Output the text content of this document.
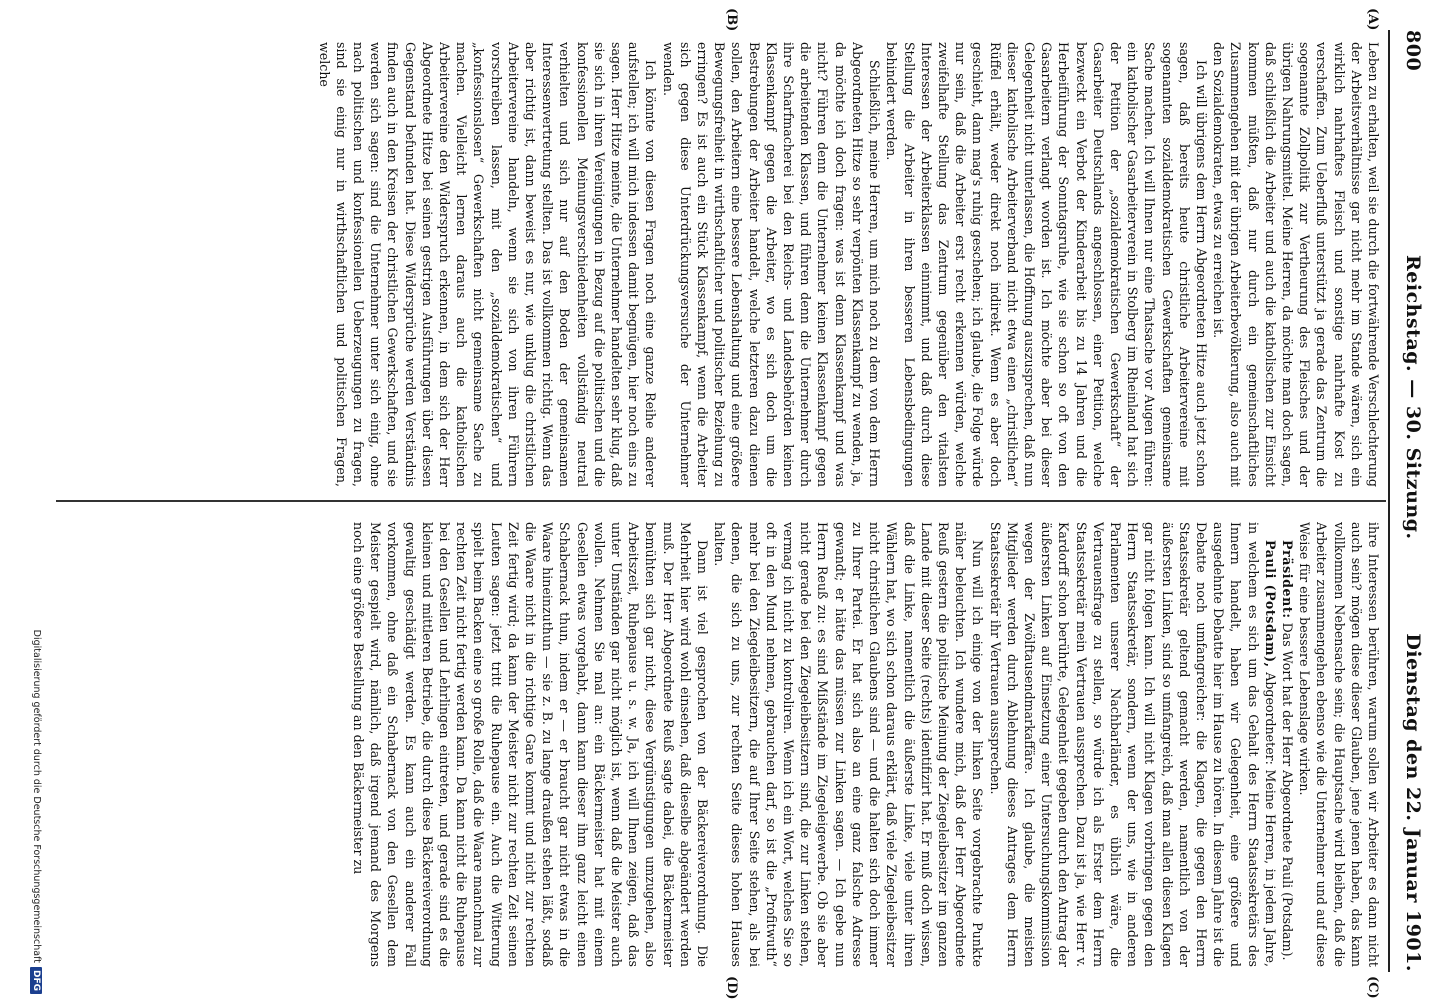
(A)
(B)
(C)
(D)
800
Reichstag. — 30. Sitzung.
Dienstag den 22. Januar 1901.

Leben zu erhalten, weil sie durch die fortwährende Verschlechterung der Arbeitsverhältnisse gar nicht mehr im Stande wären, sich ein wirklich nahrhaftes Fleisch und sonstige nahrhafte Kost zu verschaffen. Zum Ueberfluß unterstützt ja gerade das Zentrum die sogenannte Zollpolitik zur Vertheurung des Fleisches und der übrigen Nahrungsmittel. Meine Herren, da möchte man doch sagen, daß schließlich die Arbeiter und auch die katholischen zur Einsicht kommen müßten, daß nur durch ein gemeinschaftliches Zusammengehen mit der übrigen Arbeiterbevölkerung, also auch mit den Sozialdemokraten, etwas zu erreichen ist.

Ich will übrigens dem Herrn Abgeordneten Hitze auch jetzt schon sagen, daß bereits heute christliche Arbeitervereine mit sogenannten sozialdemokratischen Gewerkschaften gemeinsame Sache machen. Ich will Ihnen nur eine Thatsache vor Augen führen: ein katholischer Gasarbeiterverein in Stolberg im Rheinland hat sich der Petition der „sozialdemokratischen Gewerkschaft“ der Gasarbeiter Deutschlands angeschlossen, einer Petition, welche bezweckt ein Verbot der Kinderarbeit bis zu 14 Jahren und die Herbeiführung der Sonntagsruhe, wie sie schon so oft von den Gasarbeitern verlangt worden ist. Ich möchte aber bei dieser Gelegenheit nicht unterlassen, die Hoffnung auszusprechen, daß nun dieser katholische Arbeiterverband nicht etwa einen „christlichen“ Rüffel erhält, weder direkt noch indirekt. Wenn es aber doch geschieht, dann mag's ruhig geschehen; ich glaube, die Folge würde nur sein, daß die Arbeiter erst recht erkennen würden, welche zweifelhafte Stellung das Zentrum gegenüber den vitalsten Interessen der Arbeiterklassen einnimmt, und daß durch diese Stellung die Arbeiter in ihren besseren Lebensbedingungen behindert werden.

Schließlich, meine Herren, um mich noch zu dem von dem Herrn Abgeordneten Hitze so sehr verpönten Klassenkampf zu wenden, ja, da möchte ich doch fragen: was ist denn Klassenkampf und was nicht? Führen denn die Unternehmer keinen Klassenkampf gegen die arbeitenden Klassen, und führen denn die Unternehmer durch ihre Scharfmacherei bei den Reichs- und Landesbehörden keinen Klassenkampf gegen die Arbeiter, wo es sich doch um die Bestrebungen der Arbeiter handelt, welche letzteren dazu dienen sollen, den Arbeitern eine bessere Lebenshaltung und eine größere Bewegungsfreiheit in wirthschaftlicher und politischer Beziehung zu erringen? Es ist auch ein Stück Klassenkampf, wenn die Arbeiter sich gegen diese Unterdrückungsversuche der Unternehmer wenden.

Ich könnte von diesen Fragen noch eine ganze Reihe anderer aufstellen; ich will mich indessen damit begnügen, hier noch eins zu sagen. Herr Hitze meinte, die Unternehmer handelten sehr klug, daß sie sich in ihren Vereinigungen in Bezug auf die politischen und die konfessionellen Meinungsverschiedenheiten vollständig neutral verhielten und sich nur auf den Boden der gemeinsamen Interessenvertretung stellten. Das ist vollkommen richtig. Wenn das aber richtig ist, dann beweist es nur, wie unklug die christlichen Arbeitervereine handeln, wenn sie sich von ihren Führern vorschreiben lassen, mit den „sozialdemokratischen“ und „konfessionslosen“ Gewerkschaften nicht gemeinsame Sache zu machen. Vielleicht lernen daraus auch die katholischen Arbeitervereine den Widerspruch erkennen, in dem sich der Herr Abgeordnete Hitze bei seinen gestrigen Ausführungen über diesen Gegenstand befunden hat. Diese Widersprüche werden Verständnis finden auch in den Kreisen der christlichen Gewerkschaften, und sie werden sich sagen: sind die Unternehmer unter sich einig, ohne nach politischen und konfessionellen Ueberzeugungen zu fragen, sind sie einig nur in wirthschaftlichen und politischen Fragen, welche

ihre Interessen berühren, warum sollen wir Arbeiter es dann nicht auch sein? mögen diese dieser Glauben, jene jenen haben, das kann vollkommen Nebensache sein; die Hauptsache wird bleiben, daß die Arbeiter zusammengehen ebenso wie die Unternehmer und auf diese Weise für eine bessere Lebenslage wirken.

Präsident: Das Wort hat der Herr Abgeordnete Pauli (Potsdam).

Pauli (Potsdam), Abgeordneter: Meine Herren, in jedem Jahre, in welchem es sich um das Gehalt des Herrn Staatssekretärs des Innern handelt, haben wir Gelegenheit, eine größere und ausgedehnte Debatte hier im Hause zu hören. In diesem Jahre ist die Debatte noch umfangreicher: die Klagen, die gegen den Herrn Staatssekretär geltend gemacht werden, namentlich von der äußersten Linken, sind so umfangreich, daß man allen diesen Klagen gar nicht folgen kann. Ich will nicht Klagen vorbringen gegen den Herrn Staatssekretär, sondern, wenn der uns, wie in anderen Parlamenten unserer Nachbarländer, es üblich wäre, die Vertrauensfrage zu stellen, so würde ich als Erster dem Herrn Staatssekretär mein Vertrauen aussprechen. Dazu ist ja, wie Herr v. Kardorff schon berührte, Gelegenheit gegeben durch den Antrag der äußersten Linken auf Einsetzung einer Untersuchungskommission wegen der Zwölftausendmarkaffäre. Ich glaube, die meisten Mitglieder werden durch Ablehnung dieses Antrages dem Herrn Staatssekretär ihr Vertrauen aussprechen.

Nun will ich einige von der linken Seite vorgebrachte Punkte näher beleuchten. Ich wundere mich, daß der Herr Abgeordnete Reuß gestern die politische Meinung der Ziegeleibesitzer im ganzen Lande mit dieser Seite (rechts) identifizirt hat. Er muß doch wissen, daß die Linke, namentlich die äußerste Linke, viele unter ihren Wählern hat, wo sich schon daraus erklärt, daß viele Ziegeleibesitzer nicht christlichen Glaubens sind — und die halten sich doch immer zu Ihrer Partei. Er hat sich also an eine ganz falsche Adresse gewandt; er hätte das müssen zur Linken sagen. — Ich gebe nun Herrn Reuß zu: es sind Mißstände im Ziegeleigewerbe. Ob sie aber nicht gerade bei den Ziegeleibesitzern sind, die zur Linken stehen, vermag ich nicht zu kontroliren. Wenn ich ein Wort, welches Sie so oft in den Mund nehmen, gebrauchen darf, so ist die „Profitwuth“ mehr bei den Ziegeleibesitzern, die auf Ihrer Seite stehen, als bei denen, die sich zu uns, zur rechten Seite dieses hohen Hauses halten.

Dann ist viel gesprochen von der Bäckereiverordnung. Die Mehrheit hier wird wohl einsehen, daß dieselbe abgeändert werden muß. Der Herr Abgeordnete Reuß sagte dabei, die Bäckermeister bemühten sich gar nicht, diese Vergünstigungen umzugehen, also Arbeitszeit, Ruhepause u. s. w. Ja, ich will Ihnen zeigen, daß das unter Umständen gar nicht möglich ist, wenn daß die Meister auch wollen. Nehmen Sie mal an: ein Bäckermeister hat mit einem Gesellen etwas vorgehabt, dann kann dieser ihm ganz leicht einen Schabernack thun, indem er — er braucht gar nicht etwas in die Waare hineinzuthun — sie z. B. zu lange draußen stehen läßt, sodaß die Waare nicht in die richtige Gare kommt und nicht zur rechten Zeit fertig wird; da kann der Meister nicht zur rechten Zeit seinen Leuten sagen: jetzt tritt die Ruhepause ein. Auch die Witterung spielt beim Backen eine so große Rolle, daß die Waare manchmal zur rechten Zeit nicht fertig werden kann. Da kann nicht die Ruhepause bei den Gesellen und Lehrlingen eintreten, und gerade sind es die kleinen und mittleren Betriebe, die durch diese Bäckereiverordnung gewaltig geschädigt werden. Es kann auch ein anderer Fall vorkommen, ohne daß ein Schabernack von den Gesellen dem Meister gespielt wird, nämlich, daß irgend jemand des Morgens noch eine größere Bestellung an den Bäckermeister zu

Digitalisierung gefördert durch die Deutsche ForschungsgemeinschaftDFG
